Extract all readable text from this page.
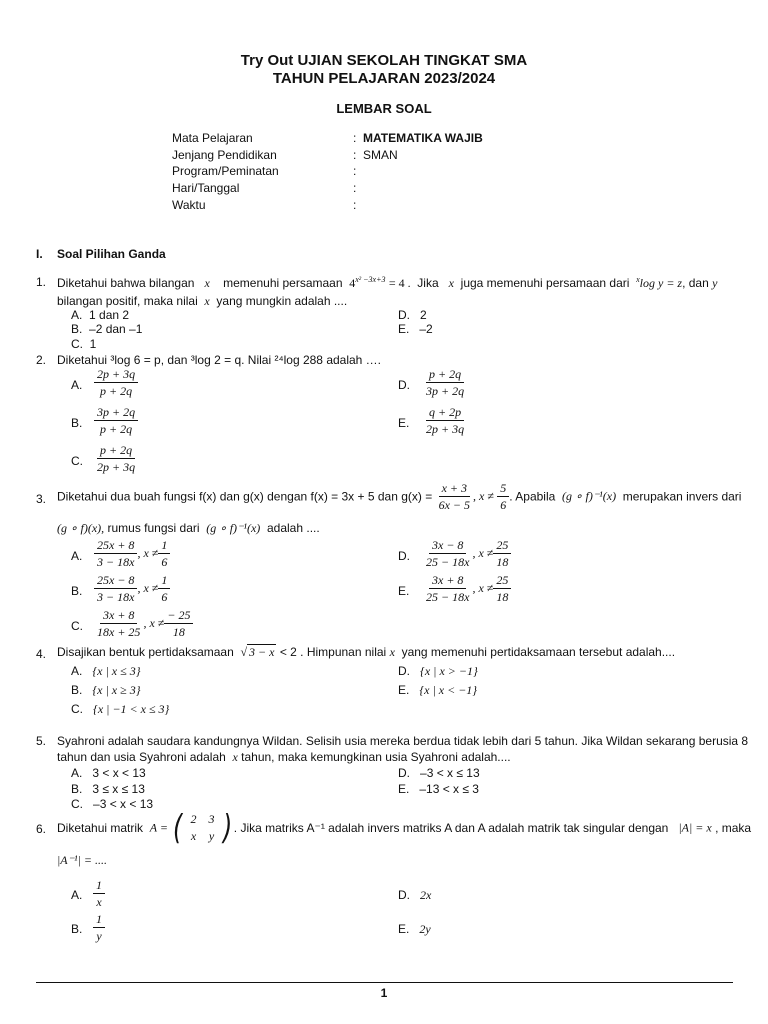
Try Out UJIAN SEKOLAH TINGKAT SMA
TAHUN PELAJARAN 2023/2024
LEMBAR SOAL
Mata Pelajaran	: MATEMATIKA WAJIB
Jenjang Pendidikan	: SMAN
Program/Peminatan	:
Hari/Tanggal	:
Waktu	:
I. Soal Pilihan Ganda
1. Diketahui bahwa bilangan x memenuhi persamaan $4^{x^2 -3x+3} = 4$ . Jika x juga memenuhi persamaan dari $^x$log y = z, dan y
bilangan positif, maka nilai x yang mungkin adalah ....
A. 1 dan 2
B. –2 dan –1
C. 1
D. 2
E. –2
2. Diketahui ³log 6 = p, dan ³log 2 = q. Nilai ²⁴log 288 adalah ….
A. $\frac{2p + 3q}{p + 2q}$
B. $\frac{3p + 2q}{p + 2q}$
C. $\frac{p + 2q}{2p + 3q}$
D. $\frac{p + 2q}{3p + 2q}$
E. $\frac{q + 2p}{2p + 3q}$
3. Diketahui dua buah fungsi f(x) dan g(x) dengan f(x) = 3x + 5 dan $g(x) = \frac{x + 3}{6x - 5}$ , $x \ne \frac{5}{6}$ . Apabila (g ∘ f)⁻¹(x) merupakan invers dari
(g ∘ f)(x), rumus fungsi dari (g ∘ f)⁻¹(x) adalah ....
A. $\frac{25x + 8}{3 - 18x}$ , $x \ne \frac{1}{6}$
B. $\frac{25x - 8}{3 - 18x}$ , $x \ne \frac{1}{6}$
C. $\frac{3x + 8}{18x + 25}$ , $x \ne \frac{- 25}{18}$
D. $\frac{3x - 8}{25 - 18x}$ , $x \ne \frac{25}{18}$
E. $\frac{3x + 8}{25 - 18x}$ , $x \ne \frac{25}{18}$
4. Disajikan bentuk pertidaksamaan √ 3 − x < 2 . Himpunan nilai x yang memenuhi pertidaksamaan tersebut adalah....
A. {x | x ≤ 3}
B. {x | x ≥ 3}
C. {x | −1 < x ≤ 3}
D. {x | x > −1}
E. {x | x < −1}
5. Syahroni adalah saudara kandungnya Wildan. Selisih usia mereka berdua tidak lebih dari 5 tahun. Jika Wildan sekarang berusia 8
tahun dan usia Syahroni adalah x tahun, maka kemungkinan usia Syahroni adalah....
A. 3 < x < 13
B. 3 ≤ x ≤ 13
C. –3 < x < 13
D. –3 < x ≤ 13
E. –13 < x ≤ 3
6. Diketahui matrik A = ( 2	3
x	y ) . Jika matriks A⁻¹ adalah invers matriks A dan A adalah matrik tak singular dengan |A| = x , maka
|A⁻¹| = ....
A. $\frac{1}{x}$
B. $\frac{1}{y}$
D. 2x
E. 2y
1
